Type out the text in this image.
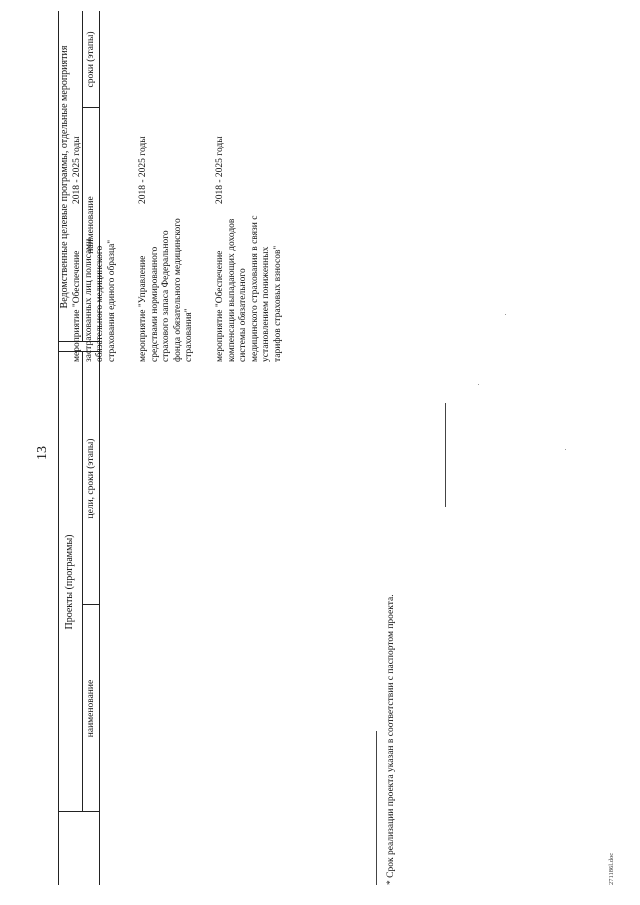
13
Проекты (программы)
Ведомственные целевые программы, отдельные мероприятия
наименование
цели, сроки (этапы)
наименование
сроки (этапы)
мероприятие "Обеспечение застрахованных лиц полисами обязательного медицинского страхования единого образца"
2018 - 2025 годы
мероприятие "Управление средствами нормированного страхового запаса Федерального фонда обязательного медицинского страхования"
2018 - 2025 годы
мероприятие "Обеспечение компенсации выпадающих доходов системы обязательного медицинского страхования в связи с установлением пониженных тарифов страховых взносов"
2018 - 2025 годы
* Срок реализации проекта указан в соответствии с паспортом проекта.	271186l.doc
